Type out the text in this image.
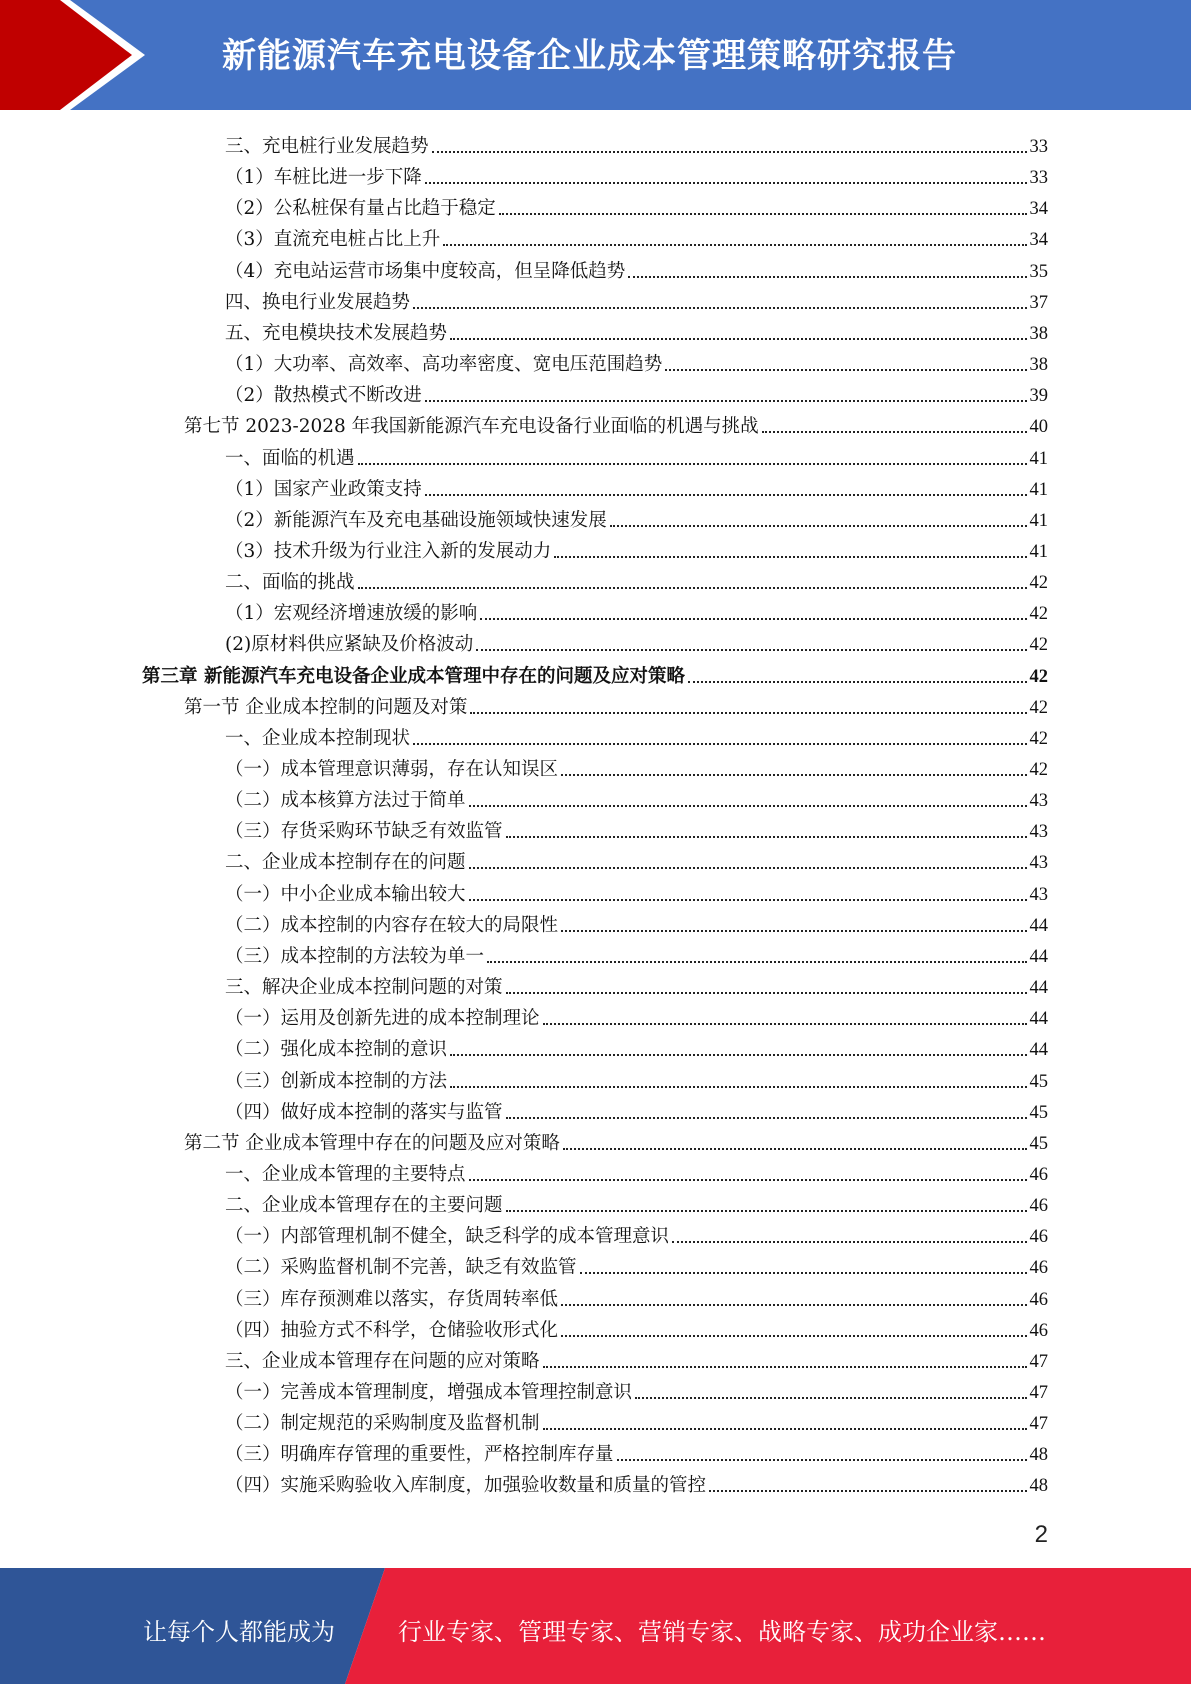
新能源汽车充电设备企业成本管理策略研究报告
三、充电桩行业发展趋势	33
（1）车桩比进一步下降	33
（2）公私桩保有量占比趋于稳定	34
（3）直流充电桩占比上升	34
（4）充电站运营市场集中度较高，但呈降低趋势	35
四、换电行业发展趋势	37
五、充电模块技术发展趋势	38
（1）大功率、高效率、高功率密度、宽电压范围趋势	38
（2）散热模式不断改进	39
第七节 2023-2028 年我国新能源汽车充电设备行业面临的机遇与挑战	40
一、面临的机遇	41
（1）国家产业政策支持	41
（2）新能源汽车及充电基础设施领域快速发展	41
（3）技术升级为行业注入新的发展动力	41
二、面临的挑战	42
（1）宏观经济增速放缓的影响	42
(2)原材料供应紧缺及价格波动	42
第三章 新能源汽车充电设备企业成本管理中存在的问题及应对策略	42
第一节 企业成本控制的问题及对策	42
一、企业成本控制现状	42
（一）成本管理意识薄弱，存在认知误区	42
（二）成本核算方法过于简单	43
（三）存货采购环节缺乏有效监管	43
二、企业成本控制存在的问题	43
（一）中小企业成本输出较大	43
（二）成本控制的内容存在较大的局限性	44
（三）成本控制的方法较为单一	44
三、解决企业成本控制问题的对策	44
（一）运用及创新先进的成本控制理论	44
（二）强化成本控制的意识	44
（三）创新成本控制的方法	45
（四）做好成本控制的落实与监管	45
第二节 企业成本管理中存在的问题及应对策略	45
一、企业成本管理的主要特点	46
二、企业成本管理存在的主要问题	46
（一）内部管理机制不健全，缺乏科学的成本管理意识	46
（二）采购监督机制不完善，缺乏有效监管	46
（三）库存预测难以落实，存货周转率低	46
（四）抽验方式不科学，仓储验收形式化	46
三、企业成本管理存在问题的应对策略	47
（一）完善成本管理制度，增强成本管理控制意识	47
（二）制定规范的采购制度及监督机制	47
（三）明确库存管理的重要性，严格控制库存量	48
（四）实施采购验收入库制度，加强验收数量和质量的管控	48
2
让每个人都能成为	行业专家、管理专家、营销专家、战略专家、成功企业家……
